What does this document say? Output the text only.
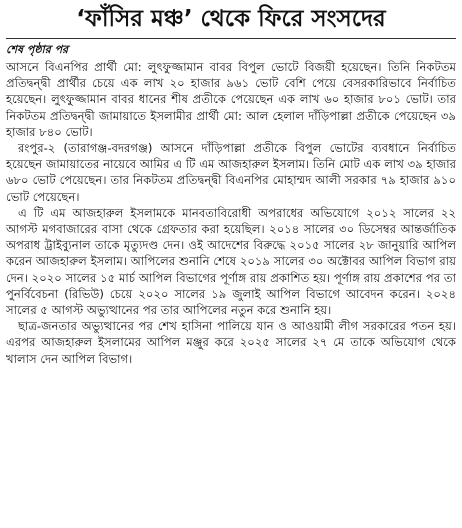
‘ফাঁসির মঞ্চ’ থেকে ফিরে সংসদের
শেষ পৃষ্ঠার পর

আসনে বিএনপির প্রার্থী মো: লুৎফুজ্জামান বাবর বিপুল ভোটে বিজয়ী হয়েছেন। তিনি নিকটতম প্রতিদ্বন্দ্বী প্রার্থীর চেয়ে এক লাখ ২০ হাজার ৯৬১ ভোট বেশি পেয়ে বেসরকারিভাবে নির্বাচিত হয়েছেন। লুৎফুজ্জামান বাবর ধানের শীষ প্রতীকে পেয়েছেন এক লাখ ৬০ হাজার ৮০১ ভোট। তার নিকটতম প্রতিদ্বন্দ্বী জামায়াতে ইসলামীর প্রার্থী মো: আল হেলাল দাঁড়িপাল্লা প্রতীকে পেয়েছেন ৩৯ হাজার ৮৪০ ভোট।

রংপুর-২ (তারাগঞ্জ-বদরগঞ্জ) আসনে দাঁড়িপাল্লা প্রতীকে বিপুল ভোটের ব্যবধানে নির্বাচিত হয়েছেন জামায়াতের নায়েবে আমির এ টি এম আজহারুল ইসলাম। তিনি মোট এক লাখ ৩৯ হাজার ৬৮০ ভোট পেয়েছেন। তার নিকটতম প্রতিদ্বন্দ্বী বিএনপির মোহাম্মদ আলী সরকার ৭৯ হাজার ৯১০ ভোট পেয়েছেন।

এ টি এম আজহারুল ইসলামকে মানবতাবিরোধী অপরাধের অভিযোগে ২০১২ সালের ২২ আগস্ট মগবাজারের বাসা থেকে গ্রেফতার করা হয়েছিল। ২০১৪ সালের ৩০ ডিসেম্বর আন্তর্জাতিক অপরাধ ট্রাইব্যুনাল তাকে মৃত্যুদণ্ড দেন। ওই আদেশের বিরুদ্ধে ২০১৫ সালের ২৮ জানুয়ারি আপিল করেন আজহারুল ইসলাম। আপিলের শুনানি শেষে ২০১৯ সালের ৩০ অক্টোবর আপিল বিভাগ রায় দেন। ২০২০ সালের ১৫ মার্চ আপিল বিভাগের পূর্ণাঙ্গ রায় প্রকাশিত হয়। পূর্ণাঙ্গ রায় প্রকাশের পর তা পুনর্বিবেচনা (রিভিউ) চেয়ে ২০২০ সালের ১৯ জুলাই আপিল বিভাগে আবেদন করেন। ২০২৪ সালের ৫ আগস্ট অভ্যুত্থানের পর তার আপিলের নতুন করে শুনানি হয়।

ছাত্র-জনতার অভ্যুত্থানের পর শেখ হাসিনা পালিয়ে যান ও আওয়ামী লীগ সরকারের পতন হয়। এরপর আজহারুল ইসলামের আপিল মঞ্জুর করে ২০২৫ সালের ২৭ মে তাকে অভিযোগ থেকে খালাস দেন আপিল বিভাগ।
